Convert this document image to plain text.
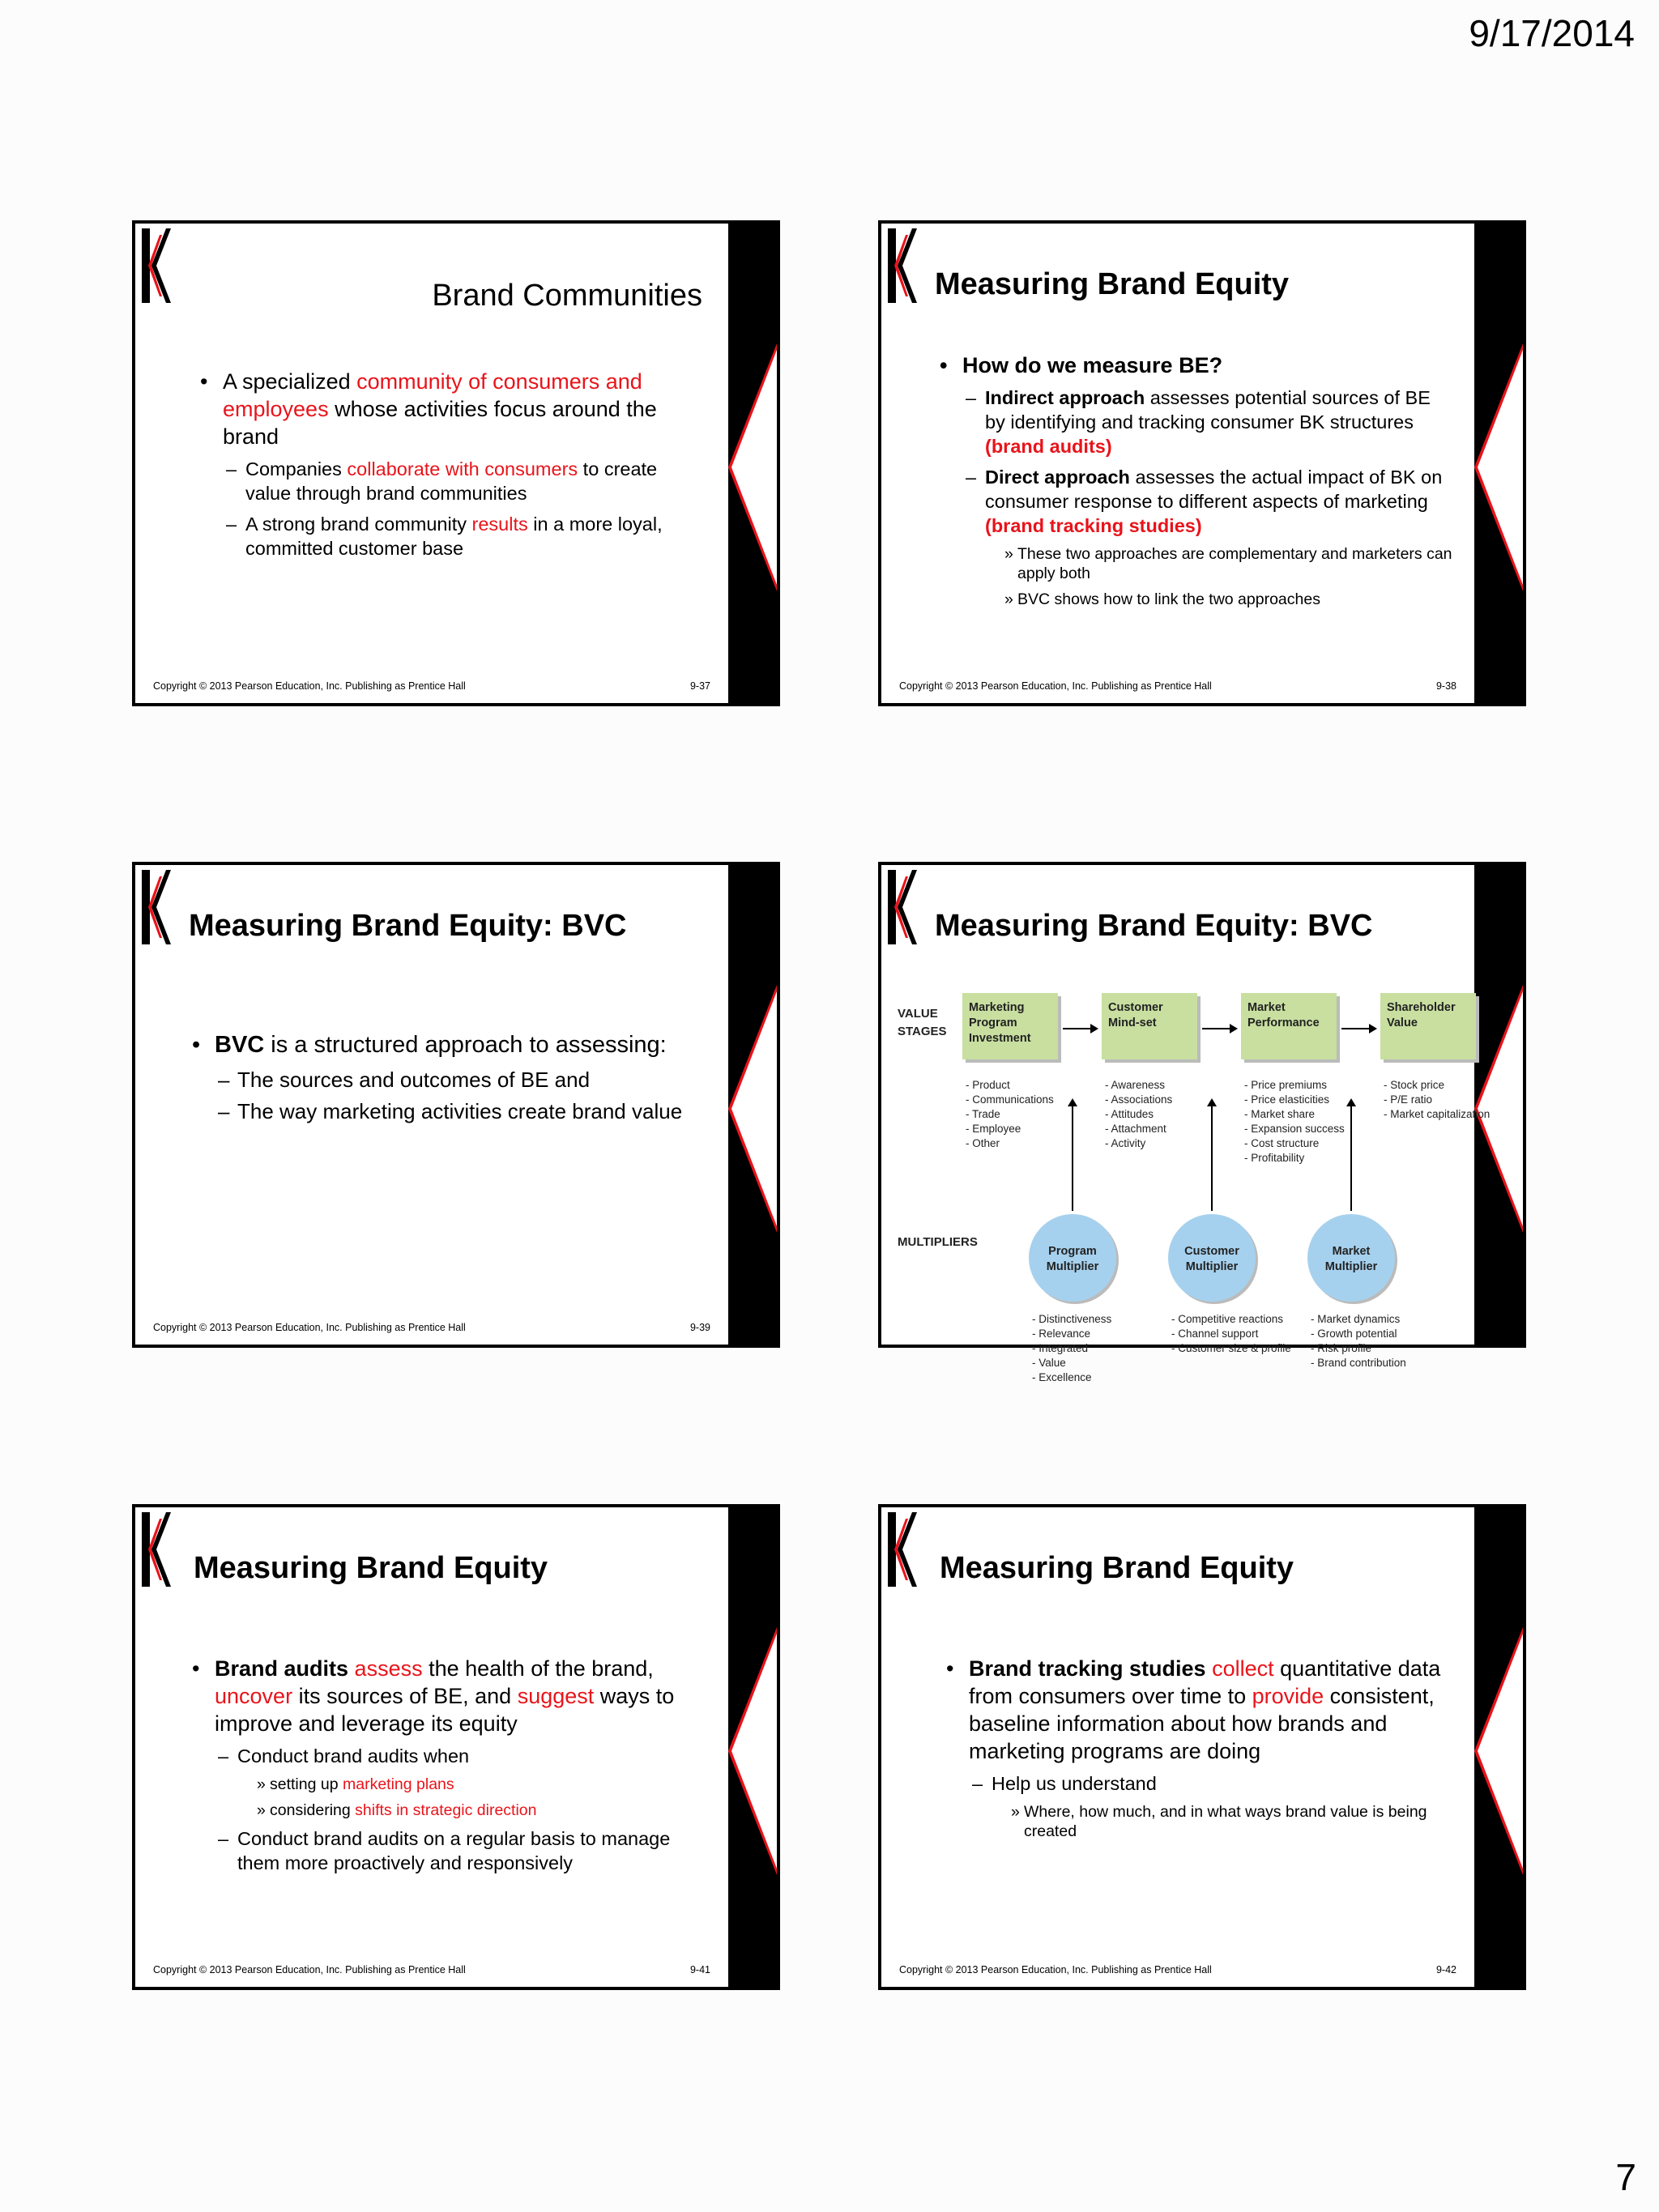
9/17/2014
Brand Communities
• A specialized community of consumers and employees whose activities focus around the brand
– Companies collaborate with consumers to create value through brand communities
– A strong brand community results in a more loyal, committed customer base
Copyright © 2013 Pearson Education, Inc. Publishing as Prentice Hall	9-37
Measuring Brand Equity
• How do we measure BE?
– Indirect approach assesses potential sources of BE by identifying and tracking consumer BK structures (brand audits)
– Direct approach assesses the actual impact of BK on consumer response to different aspects of marketing (brand tracking studies)
» These two approaches are complementary and marketers can apply both
» BVC shows how to link the two approaches
Copyright © 2013 Pearson Education, Inc. Publishing as Prentice Hall	9-38
Measuring Brand Equity: BVC
• BVC is a structured approach to assessing:
– The sources and outcomes of BE and
– The way marketing activities create brand value
Copyright © 2013 Pearson Education, Inc. Publishing as Prentice Hall	9-39
Measuring Brand Equity: BVC
VALUE
STAGES
MULTIPLIERS
Marketing
Program
Investment
- Product
- Communications
- Trade
- Employee
- Other
Customer
Mind-set
- Awareness
- Associations
- Attitudes
- Attachment
- Activity
Market
Performance
- Price premiums
- Price elasticities
- Market share
- Expansion success
- Cost structure
- Profitability
Shareholder
Value
- Stock price
- P/E ratio
- Market capitalization
Program
Multiplier
- Distinctiveness
- Relevance
- Integrated
- Value
- Excellence
Customer
Multiplier
- Competitive reactions
- Channel support
- Customer size & profile
Market
Multiplier
- Market dynamics
- Growth potential
- Risk profile
- Brand contribution
Measuring Brand Equity
• Brand audits assess the health of the brand, uncover its sources of BE, and suggest ways to improve and leverage its equity
– Conduct brand audits when
» setting up marketing plans
» considering shifts in strategic direction
– Conduct brand audits on a regular basis to manage them more proactively and responsively
Copyright © 2013 Pearson Education, Inc. Publishing as Prentice Hall	9-41
Measuring Brand Equity
• Brand tracking studies collect quantitative data from consumers over time to provide consistent, baseline information about how brands and marketing programs are doing
– Help us understand
» Where, how much, and in what ways brand value is being created
Copyright © 2013 Pearson Education, Inc. Publishing as Prentice Hall	9-42
7
